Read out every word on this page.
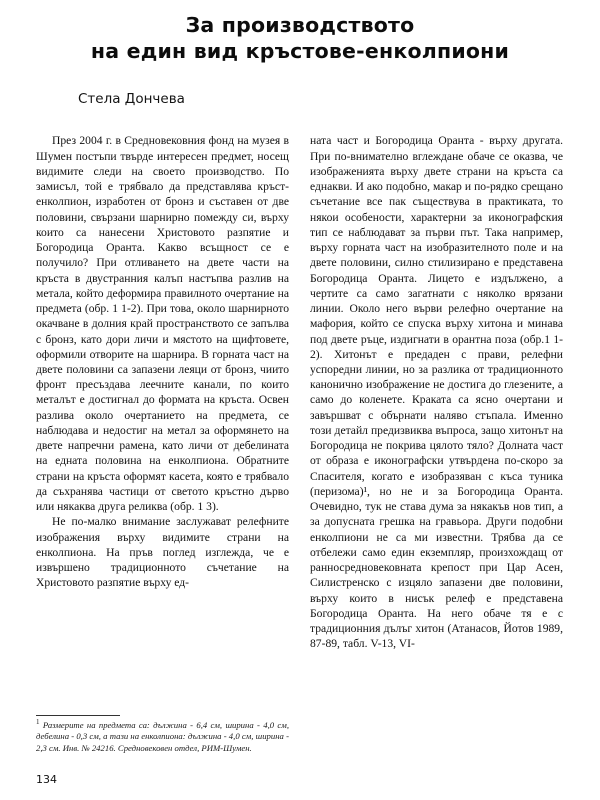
За производството
на един вид кръстове-енколпиони
Стела Дончева

През 2004 г. в Средновековния фонд на музея в Шумен постъпи твърде интересен предмет, носещ видимите следи на своето производство. По замисъл, той е трябвало да представлява кръст-енколпион, изработен от бронз и съставен от две половини, свързани шарнирно помежду си, върху които са нанесени Христовото разпятие и Богородица Оранта. Какво всъщност се е получило? При отливането на двете части на кръста в двустранния калъп настъпва разлив на метала, който деформира правилното очертание на предмета (обр. 1 1-2). При това, около шарнирното окачване в долния край пространството се запълва с бронз, като дори личи и мястото на щифтовете, оформили отворите на шарнира. В горната част на двете половини са запазени леяци от бронз, чиито фронт пресъздава леечните канали, по които металът е достигнал до формата на кръста. Освен разлива около очертанието на предмета, се наблюдава и недостиг на метал за оформянето на двете напречни рамена, като личи от дебелината на едната половина на енколпиона. Обратните страни на кръста оформят касета, която е трябвало да съхранява частици от светото кръстно дърво или някаква друга реликва (обр. 1 3).

Не по-малко внимание заслужават релефните изображения върху видимите страни на енколпиона. На пръв поглед изглежда, че е извършено традиционното съчетание на Христовото разпятие върху ед-

ната част и Богородица Оранта - върху другата. При по-внимателно вглеждане обаче се оказва, че изображенията върху двете страни на кръста са еднакви. И ако подобно, макар и по-рядко срещано съчетание все пак съществува в практиката, то някои особености, характерни за иконографския тип се наблюдават за първи път. Така например, върху горната част на изобразителното поле и на двете половини, силно стилизирано е представена Богородица Оранта. Лицето е издължено, а чертите са само загатнати с няколко врязани линии. Около него върви релефно очертание на мафория, който се спуска върху хитона и минава под двете ръце, издигнати в орантна поза (обр.1 1-2). Хитонът е предаден с прави, релефни успоредни линии, но за разлика от традиционното каноничнo изображение не достига до глезените, а само до коленете. Краката са ясно очертани и завършват с обърнати наляво стъпала. Именно този детайл предизвиква въпроса, защо хитонът на Богородица не покрива цялото тяло? Долната част от образа е иконографски утвърдена по-скоро за Спасителя, когато е изобразяван с къса туника (перизома)¹, но не и за Богородица Оранта. Очевидно, тук не става дума за някакъв нов тип, а за допусната грешка на гравьора. Други подобни енколпиони не са ми известни. Трябва да се отбележи само един екземпляр, произхождащ от ранносредновековната крепост при Цар Асен, Силистренско с изцяло запазени две половини, върху които в нисък релеф е представена Богородица Оранта. На него обаче тя е с традиционния дълъг хитон (Атанасов, Йотов 1989, 87-89, табл. V-13, VI-

$^1$ Размерите на предмета са: дължина - 6,4 см, ширина - 4,0 см, дебелина - 0,3 см, а тази на енколпиона: дължина - 4,0 см, ширина - 2,3 см. Инв. № 24216. Средновековен отдел, РИМ-Шумен.
134
